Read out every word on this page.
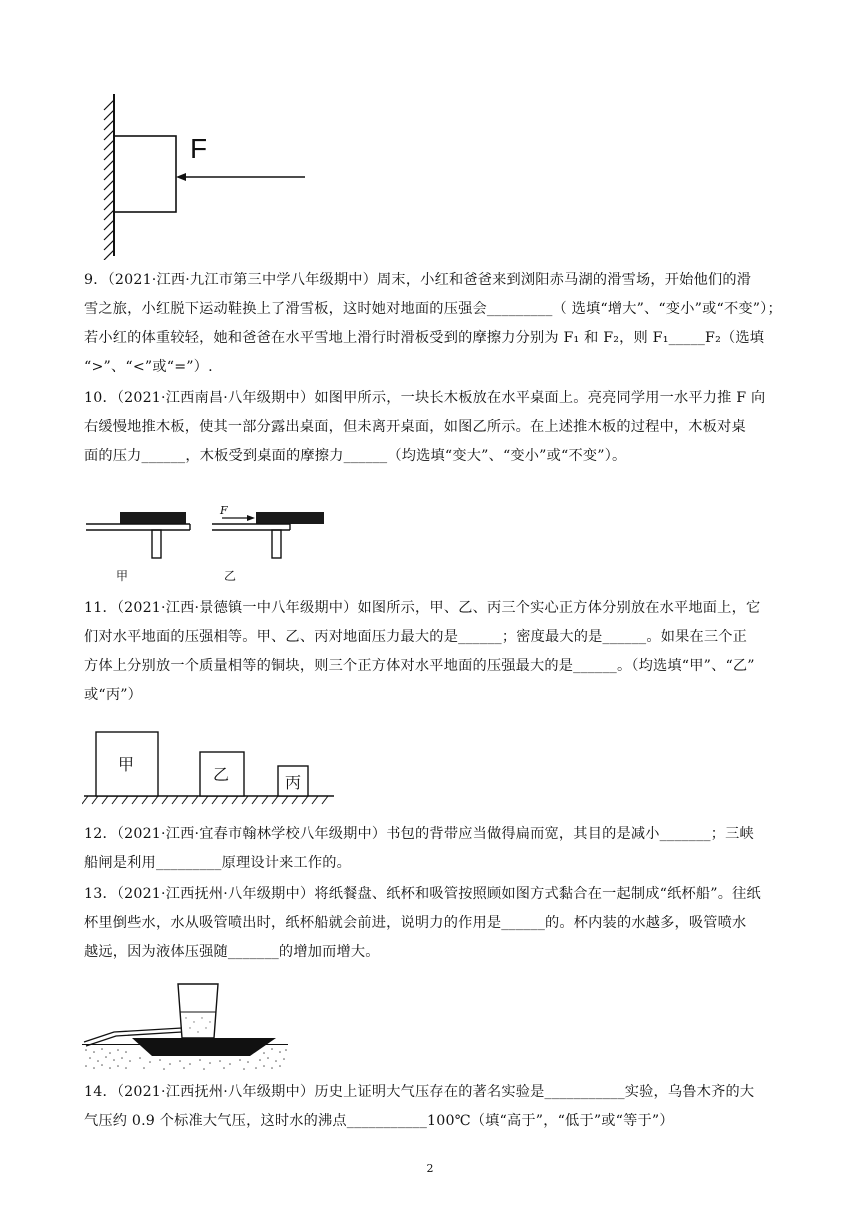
F

9．（2021·江西·九江市第三中学八年级期中）周末，小红和爸爸来到浏阳赤马湖的滑雪场，开始他们的滑

雪之旅，小红脱下运动鞋换上了滑雪板，这时她对地面的压强会_________（ 选填“增大”、“变小”或“不变”）；

若小红的体重较轻，她和爸爸在水平雪地上滑行时滑板受到的摩擦力分别为 F₁ 和 F₂，则 F₁_____F₂（选填

“>”、“<”或“=”）.

10．（2021·江西南昌·八年级期中）如图甲所示，一块长木板放在水平桌面上。亮亮同学用一水平力推 F 向

右缓慢地推木板，使其一部分露出桌面，但未离开桌面，如图乙所示。在上述推木板的过程中，木板对桌

面的压力______，木板受到桌面的摩擦力______（均选填“变大”、“变小”或“不变”）。

甲
F
乙

11．（2021·江西·景德镇一中八年级期中）如图所示，甲、乙、丙三个实心正方体分别放在水平地面上，它

们对水平地面的压强相等。甲、乙、丙对地面压力最大的是______；密度最大的是______。如果在三个正

方体上分别放一个质量相等的铜块，则三个正方体对水平地面的压强最大的是______。（均选填“甲”、“乙”

或“丙”）

甲
乙	丙

12．（2021·江西·宜春市翰林学校八年级期中）书包的背带应当做得扁而宽，其目的是减小_______；三峡

船闸是利用_________原理设计来工作的。

13．（2021·江西抚州·八年级期中）将纸餐盘、纸杯和吸管按照顾如图方式黏合在一起制成“纸杯船”。往纸

杯里倒些水，水从吸管喷出时，纸杯船就会前进，说明力的作用是______的。杯内装的水越多，吸管喷水

越远，因为液体压强随_______的增加而增大。

14．（2021·江西抚州·八年级期中）历史上证明大气压存在的著名实验是___________实验，乌鲁木齐的大

气压约 0.9 个标准大气压，这时水的沸点___________100℃（填“高于”，“低于”或“等于”）

2
